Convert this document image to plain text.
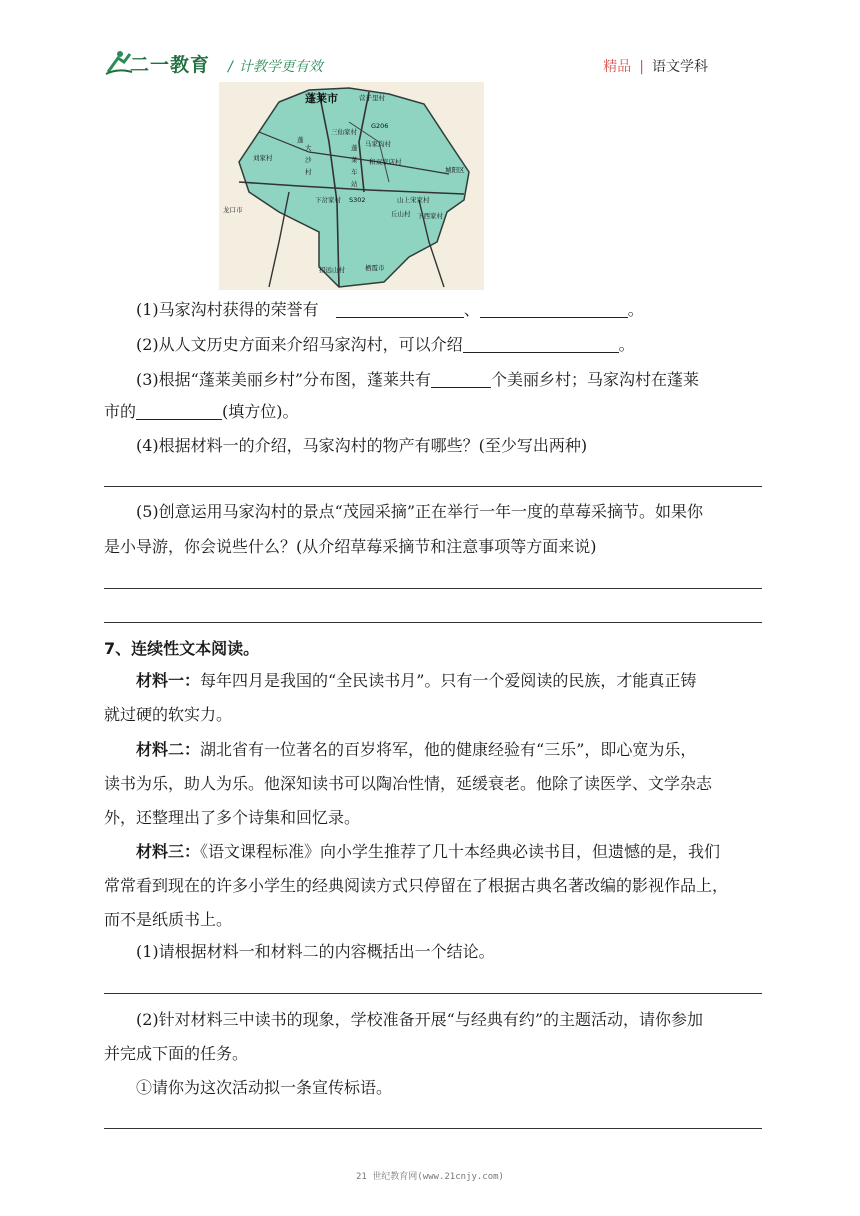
二一教育 / 计教学更有效	精品 | 语文学科
蓬莱市	营子里村
G206
三仙家村
马家沟村
刘家村
大
沙
村
蓬
莱
车
站
和双家店村
龙口市
S302
下岔家村	山上宋家村
丘山村 下西家村
栖霞市
招远山村
城阳区
蓬

(1)马家沟村获得的荣誉有	、	。

(2)从人文历史方面来介绍马家沟村，可以介绍	。

(3)根据“蓬莱美丽乡村”分布图，蓬莱共有	个美丽乡村；马家沟村在蓬莱

市的	(填方位)。

(4)根据材料一的介绍，马家沟村的物产有哪些？(至少写出两种)

(5)创意运用马家沟村的景点“茂园采摘”正在举行一年一度的草莓采摘节。如果你

是小导游，你会说些什么？(从介绍草莓采摘节和注意事项等方面来说)

7、连续性文本阅读。

材料一：每年四月是我国的“全民读书月”。只有一个爱阅读的民族，才能真正铸

就过硬的软实力。

材料二：湖北省有一位著名的百岁将军，他的健康经验有“三乐”，即心宽为乐，

读书为乐，助人为乐。他深知读书可以陶冶性情，延缓衰老。他除了读医学、文学杂志

外，还整理出了多个诗集和回忆录。

材料三：《语文课程标准》向小学生推荐了几十本经典必读书目，但遗憾的是，我们

常常看到现在的许多小学生的经典阅读方式只停留在了根据古典名著改编的影视作品上，

而不是纸质书上。

(1)请根据材料一和材料二的内容概括出一个结论。

(2)针对材料三中读书的现象，学校准备开展“与经典有约”的主题活动，请你参加

并完成下面的任务。

①请你为这次活动拟一条宣传标语。

21 世纪教育网(www.21cnjy.com)
